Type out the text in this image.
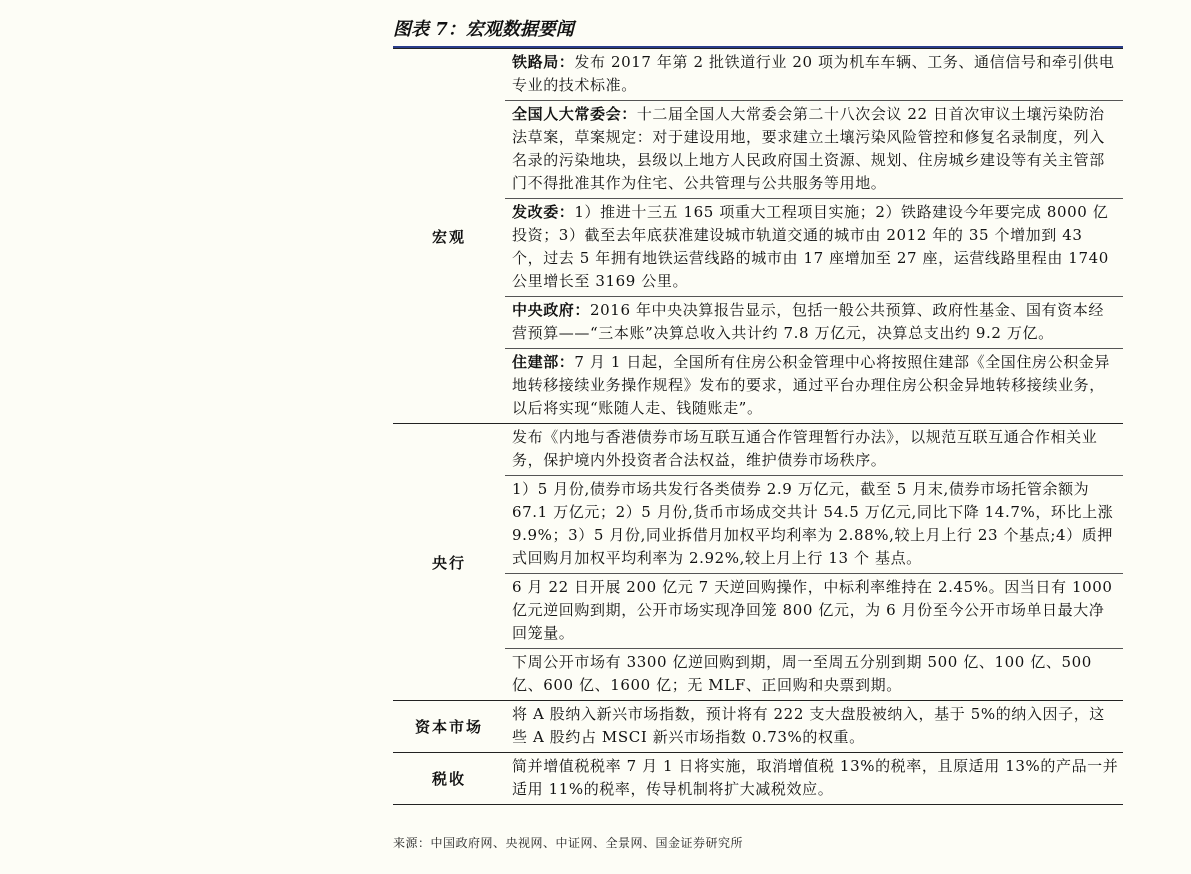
图表 7：宏观数据要闻
宏观	铁路局：发布 2017 年第 2 批铁道行业 20 项为机车车辆、工务、通信信号和牵引供电专业的技术标准。
	全国人大常委会：十二届全国人大常委会第二十八次会议 22 日首次审议土壤污染防治法草案，草案规定：对于建设用地，要求建立土壤污染风险管控和修复名录制度，列入名录的污染地块，县级以上地方人民政府国土资源、规划、住房城乡建设等有关主管部门不得批准其作为住宅、公共管理与公共服务等用地。
	发改委：1）推进十三五 165 项重大工程项目实施；2）铁路建设今年要完成 8000 亿投资；3）截至去年底获准建设城市轨道交通的城市由 2012 年的 35 个增加到 43 个，过去 5 年拥有地铁运营线路的城市由 17 座增加至 27 座，运营线路里程由 1740 公里增长至 3169 公里。
	中央政府：2016 年中央决算报告显示，包括一般公共预算、政府性基金、国有资本经营预算——“三本账”决算总收入共计约 7.8 万亿元，决算总支出约 9.2 万亿。
	住建部：7 月 1 日起，全国所有住房公积金管理中心将按照住建部《全国住房公积金异地转移接续业务操作规程》发布的要求，通过平台办理住房公积金异地转移接续业务，以后将实现“账随人走、钱随账走”。
央行	发布《内地与香港债券市场互联互通合作管理暂行办法》，以规范互联互通合作相关业务，保护境内外投资者合法权益，维护债券市场秩序。
	1）5 月份,债券市场共发行各类债券 2.9 万亿元，截至 5 月末,债券市场托管余额为 67.1 万亿元；2）5 月份,货币市场成交共计 54.5 万亿元,同比下降 14.7%，环比上涨 9.9%；3）5 月份,同业拆借月加权平均利率为 2.88%,较上月上行 23 个基点;4）质押式回购月加权平均利率为 2.92%,较上月上行 13 个 基点。
	6 月 22 日开展 200 亿元 7 天逆回购操作，中标利率维持在 2.45%。因当日有 1000 亿元逆回购到期，公开市场实现净回笼 800 亿元，为 6 月份至今公开市场单日最大净回笼量。
	下周公开市场有 3300 亿逆回购到期，周一至周五分别到期 500 亿、100 亿、500 亿、600 亿、1600 亿；无 MLF、正回购和央票到期。
资本市场	将 A 股纳入新兴市场指数，预计将有 222 支大盘股被纳入，基于 5%的纳入因子，这些 A 股约占 MSCI 新兴市场指数 0.73%的权重。
税收	简并增值税税率 7 月 1 日将实施，取消增值税 13%的税率，且原适用 13%的产品一并适用 11%的税率，传导机制将扩大减税效应。
来源：中国政府网、央视网、中证网、全景网、国金证券研究所
